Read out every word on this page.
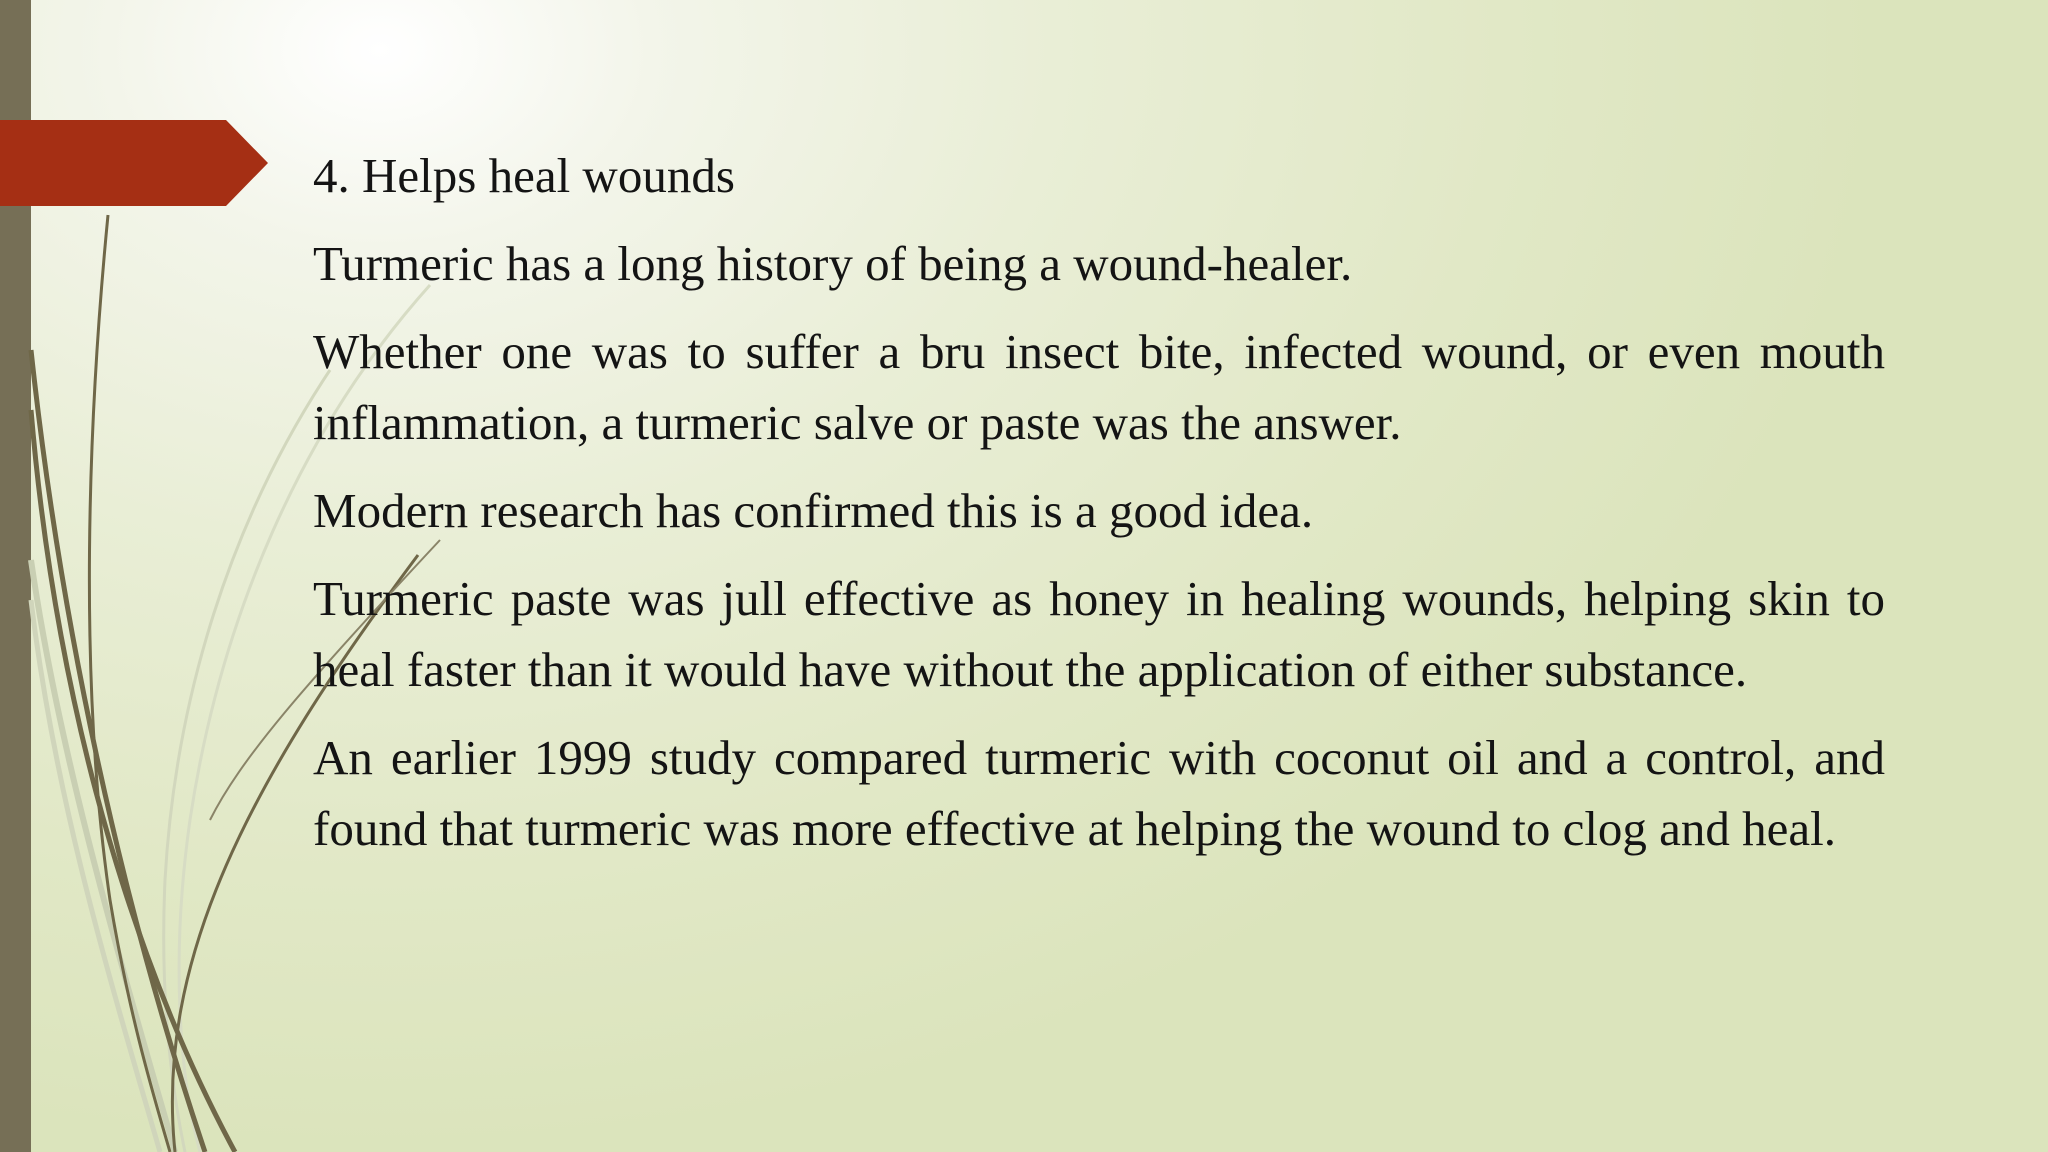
4. Helps heal wounds

Turmeric has a long history of being a wound-healer.

Whether one was to suffer a bru insect bite, infected wound, or even mouth inflammation, a turmeric salve or paste was the answer.

Modern research has confirmed this is a good idea.

Turmeric paste was jull effective as honey in healing wounds, helping skin to heal faster than it would have without the application of either substance.

An earlier 1999 study compared turmeric with coconut oil and a control, and found that turmeric was more effective at helping the wound to clog and heal.
